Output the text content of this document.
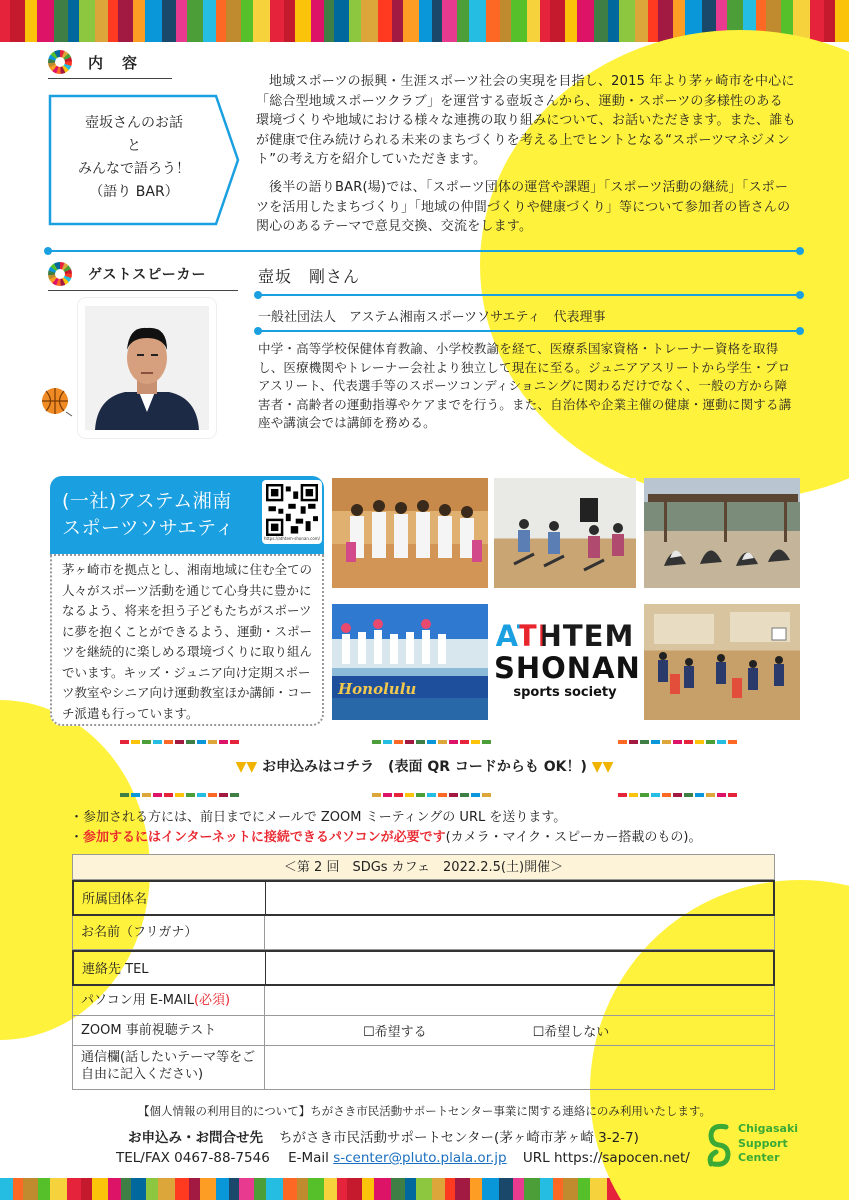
内　容
壺坂さんのお話
と
みんなで語ろう！
（語り BAR）
地域スポーツの振興・生涯スポーツ社会の実現を目指し、2015 年より茅ヶ崎市を中心に「総合型地域スポーツクラブ」を運営する壺坂さんから、運動・スポーツの多様性のある環境づくりや地域における様々な連携の取り組みについて、お話いただきます。また、誰もが健康で住み続けられる未来のまちづくりを考える上でヒントとなる“スポーツマネジメント”の考え方を紹介していただきます。
後半の語りBAR(場)では、「スポーツ団体の運営や課題」「スポーツ活動の継続」「スポーツを活用したまちづくり」「地域の仲間づくりや健康づくり」等について参加者の皆さんの関心のあるテーマで意見交換、交流をします。
ゲストスピーカー	壺坂　剛さん
一般社団法人　アステム湘南スポーツソサエティ　代表理事
中学・高等学校保健体育教諭、小学校教諭を経て、医療系国家資格・トレーナー資格を取得し、医療機関やトレーナー会社より独立して現在に至る。ジュニアアスリートから学生・プロアスリート、代表選手等のスポーツコンディショニングに関わるだけでなく、一般の方から障害者・高齢者の運動指導やケアまでを行う。また、自治体や企業主催の健康・運動に関する講座や講演会では講師を務める。
(一社)アステム湘南
スポーツソサエティ	https://athtem-shonan.com/
茅ヶ崎市を拠点とし、湘南地域に住む全ての人々がスポーツ活動を通じて心身共に豊かになるよう、将来を担う子どもたちがスポーツに夢を抱くことができるよう、運動・スポーツを継続的に楽しめる環境づくりに取り組んでいます。キッズ・ジュニア向け定期スポーツ教室やシニア向け運動教室ほか講師・コーチ派遣も行っています。
Honolulu
ATHTEM
SHONAN
sports society
▼▼ お申込みはコチラ　(表面 QR コードからも OK！) ▼▼
・参加される方には、前日までにメールで ZOOM ミーティングの URL を送ります。
・参加するにはインターネットに接続できるパソコンが必要です(カメラ・マイク・スピーカー搭載のもの)。
＜第 2 回　SDGs カフェ　2022.2.5(土)開催＞
所属団体名
お名前（フリガナ）
連絡先 TEL
パソコン用 E-MAIL(必須)
ZOOM 事前視聴テスト	☐希望する	☐希望しない
通信欄(話したいテーマ等をご自由に記入ください)
【個人情報の利用目的について】ちがさき市民活動サポートセンター事業に関する連絡にのみ利用いたします。
お申込み・お問合せ先 ちがさき市民活動サポートセンター(茅ヶ崎市茅ヶ崎 3-2-7)
TEL/FAX 0467-88-7546 E-Mail s-center@pluto.plala.or.jp URL https://sapocen.net/
Chigasaki
Support
Center
